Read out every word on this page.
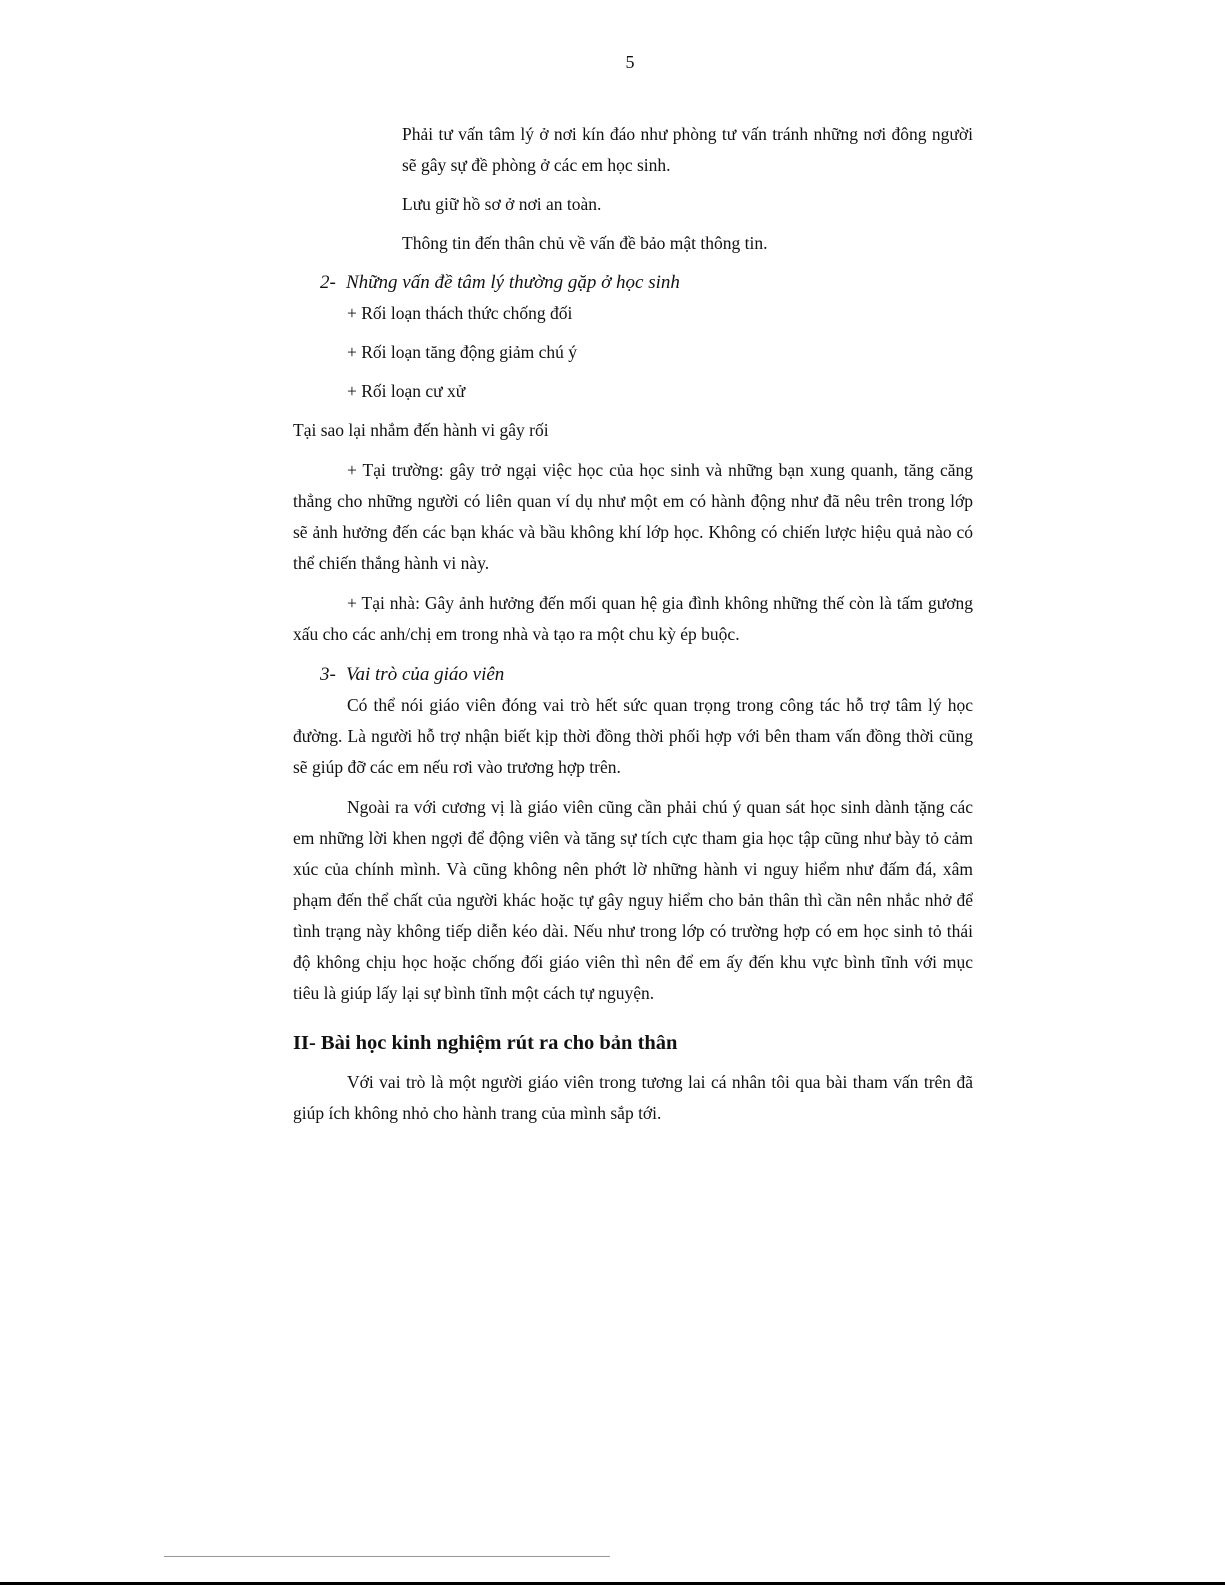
5

Phải tư vấn tâm lý ở nơi kín đáo như phòng tư vấn tránh những nơi đông người sẽ gây sự đề phòng ở các em học sinh.

Lưu giữ hồ sơ ở nơi an toàn.

Thông tin đến thân chủ về vấn đề bảo mật thông tin.

2- Những vấn đề tâm lý thường gặp ở học sinh

+ Rối loạn thách thức chống đối

+ Rối loạn tăng động giảm chú ý

+ Rối loạn cư xử

Tại sao lại nhắm đến hành vi gây rối

+ Tại trường: gây trở ngại việc học của học sinh và những bạn xung quanh, tăng căng thẳng cho những người có liên quan ví dụ như một em có hành động như đã nêu trên trong lớp sẽ ảnh hưởng đến các bạn khác và bầu không khí lớp học. Không có chiến lược hiệu quả nào có thể chiến thắng hành vi này.

+ Tại nhà: Gây ảnh hưởng đến mối quan hệ gia đình không những thế còn là tấm gương xấu cho các anh/chị em trong nhà và tạo ra một chu kỳ ép buộc.

3- Vai trò của giáo viên

Có thể nói giáo viên đóng vai trò hết sức quan trọng trong công tác hỗ trợ tâm lý học đường. Là người hỗ trợ nhận biết kịp thời đồng thời phối hợp với bên tham vấn đồng thời cũng sẽ giúp đỡ các em nếu rơi vào trương hợp trên.

Ngoài ra với cương vị là giáo viên cũng cần phải chú ý quan sát học sinh dành tặng các em những lời khen ngợi để động viên và tăng sự tích cực tham gia học tập cũng như bày tỏ cảm xúc của chính mình. Và cũng không nên phớt lờ những hành vi nguy hiểm như đấm đá, xâm phạm đến thể chất của người khác hoặc tự gây nguy hiểm cho bản thân thì cần nên nhắc nhở để tình trạng này không tiếp diễn kéo dài. Nếu như trong lớp có trường hợp có em học sinh tỏ thái độ không chịu học hoặc chống đối giáo viên thì nên để em ấy đến khu vực bình tĩnh với mục tiêu là giúp lấy lại sự bình tĩnh một cách tự nguyện.

II- Bài học kinh nghiệm rút ra cho bản thân

Với vai trò là một người giáo viên trong tương lai cá nhân tôi qua bài tham vấn trên đã giúp ích không nhỏ cho hành trang của mình sắp tới.
